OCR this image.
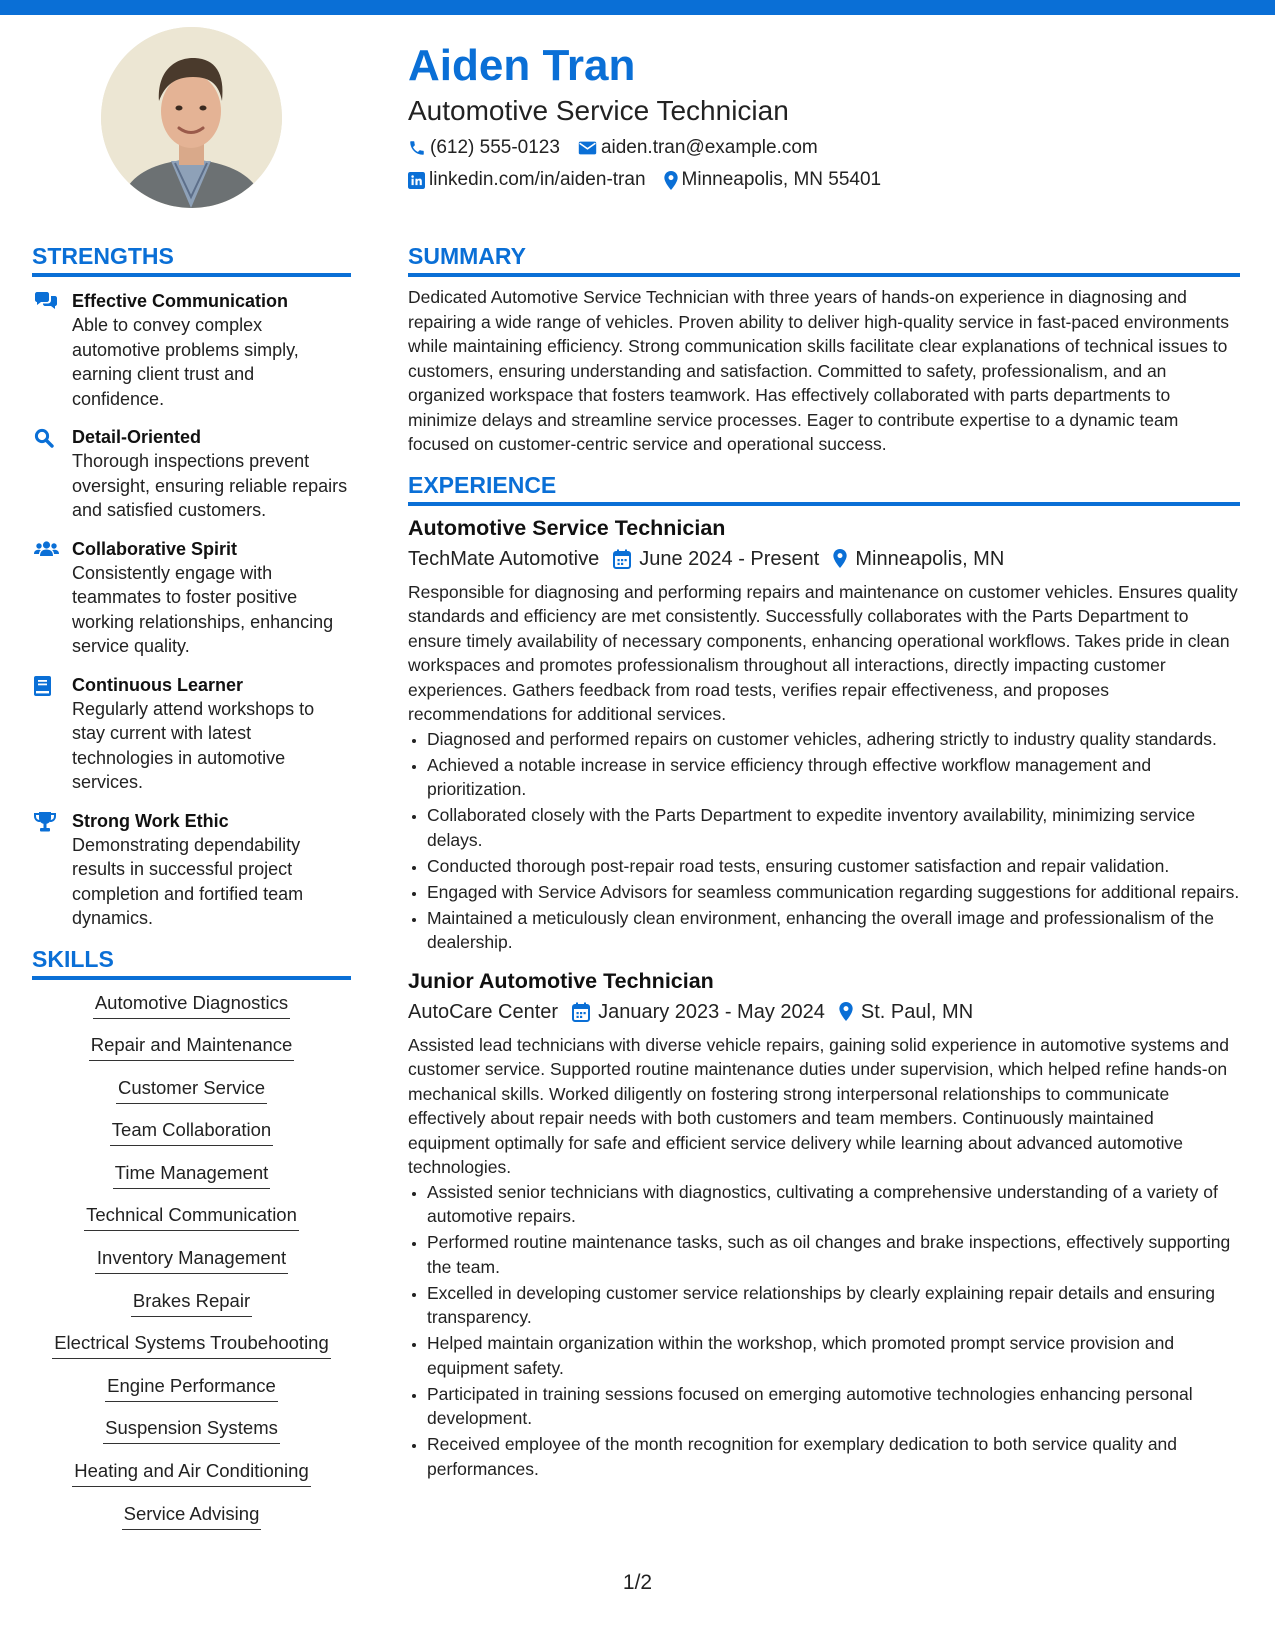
Aiden Tran
Automotive Service Technician
(612) 555-0123 aiden.tran@example.com
linkedin.com/in/aiden-tran Minneapolis, MN 55401
STRENGTHS
Effective Communication
Able to convey complex automotive problems simply, earning client trust and confidence.
Detail-Oriented
Thorough inspections prevent oversight, ensuring reliable repairs and satisfied customers.
Collaborative Spirit
Consistently engage with teammates to foster positive working relationships, enhancing service quality.
Continuous Learner
Regularly attend workshops to stay current with latest technologies in automotive services.
Strong Work Ethic
Demonstrating dependability results in successful project completion and fortified team dynamics.
SKILLS
Automotive Diagnostics
Repair and Maintenance
Customer Service
Team Collaboration
Time Management
Technical Communication
Inventory Management
Brakes Repair
Electrical Systems Troubehooting
Engine Performance
Suspension Systems
Heating and Air Conditioning
Service Advising
SUMMARY

Dedicated Automotive Service Technician with three years of hands-on experience in diagnosing and repairing a wide range of vehicles. Proven ability to deliver high-quality service in fast-paced environments while maintaining efficiency. Strong communication skills facilitate clear explanations of technical issues to customers, ensuring understanding and satisfaction. Committed to safety, professionalism, and an organized workspace that fosters teamwork. Has effectively collaborated with parts departments to minimize delays and streamline service processes. Eager to contribute expertise to a dynamic team focused on customer-centric service and operational success.

EXPERIENCE
Automotive Service Technician
TechMate Automotive June 2024 - Present Minneapolis, MN

Responsible for diagnosing and performing repairs and maintenance on customer vehicles. Ensures quality standards and efficiency are met consistently. Successfully collaborates with the Parts Department to ensure timely availability of necessary components, enhancing operational workflows. Takes pride in clean workspaces and promotes professionalism throughout all interactions, directly impacting customer experiences. Gathers feedback from road tests, verifies repair effectiveness, and proposes recommendations for additional services.

• Diagnosed and performed repairs on customer vehicles, adhering strictly to industry quality standards.
• Achieved a notable increase in service efficiency through effective workflow management and prioritization.
• Collaborated closely with the Parts Department to expedite inventory availability, minimizing service delays.
• Conducted thorough post-repair road tests, ensuring customer satisfaction and repair validation.
• Engaged with Service Advisors for seamless communication regarding suggestions for additional repairs.
• Maintained a meticulously clean environment, enhancing the overall image and professionalism of the dealership.
Junior Automotive Technician
AutoCare Center January 2023 - May 2024 St. Paul, MN

Assisted lead technicians with diverse vehicle repairs, gaining solid experience in automotive systems and customer service. Supported routine maintenance duties under supervision, which helped refine hands-on mechanical skills. Worked diligently on fostering strong interpersonal relationships to communicate effectively about repair needs with both customers and team members. Continuously maintained equipment optimally for safe and efficient service delivery while learning about advanced automotive technologies.

• Assisted senior technicians with diagnostics, cultivating a comprehensive understanding of a variety of automotive repairs.
• Performed routine maintenance tasks, such as oil changes and brake inspections, effectively supporting the team.
• Excelled in developing customer service relationships by clearly explaining repair details and ensuring transparency.
• Helped maintain organization within the workshop, which promoted prompt service provision and equipment safety.
• Participated in training sessions focused on emerging automotive technologies enhancing personal development.
• Received employee of the month recognition for exemplary dedication to both service quality and performances.
1/2
